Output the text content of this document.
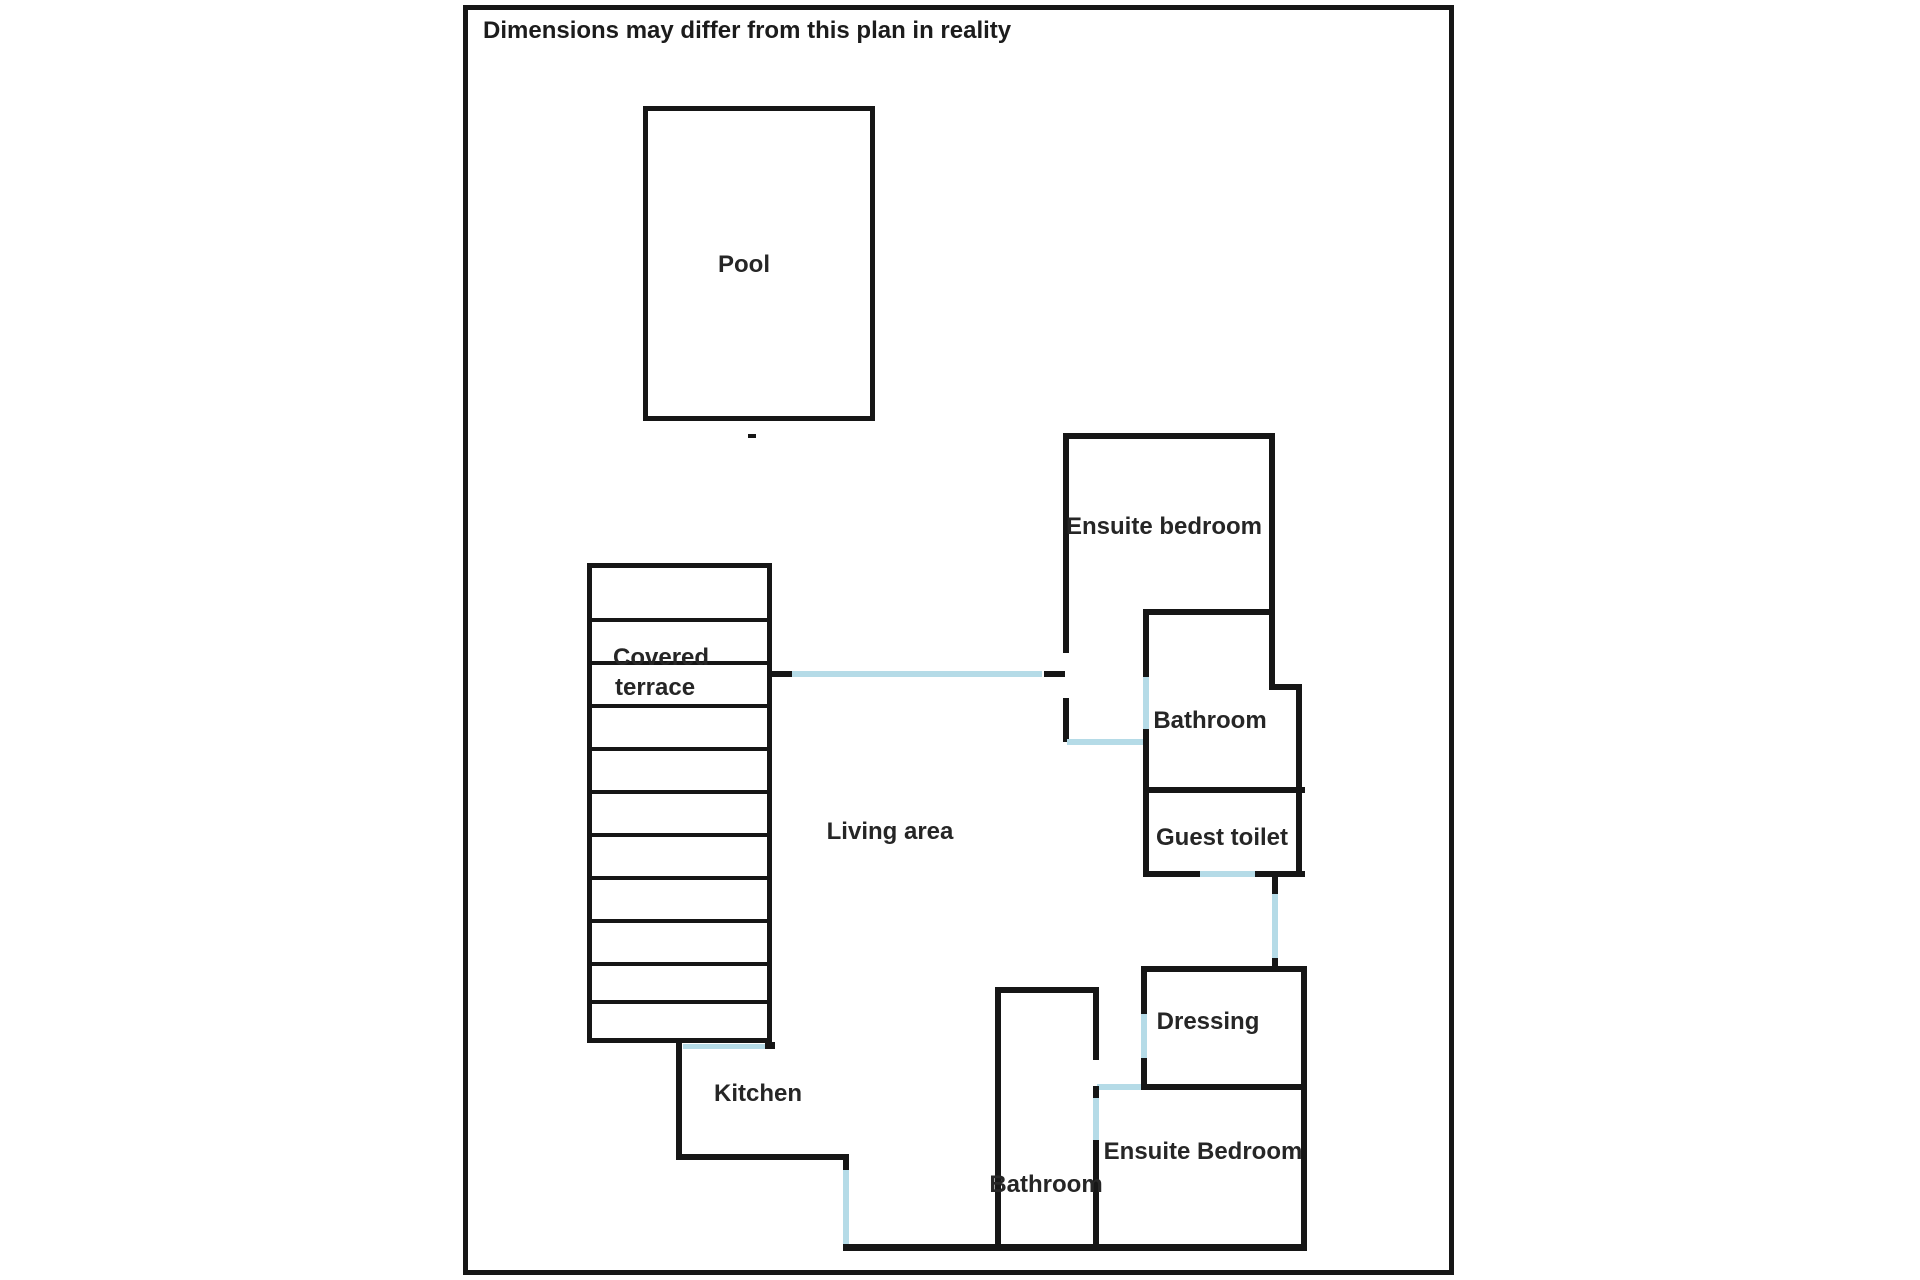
Dimensions may differ from this plan in reality
Pool
Covered
terrace
Living area
Ensuite bedroom
Bathroom
Guest toilet
Dressing
Ensuite Bedroom
Bathroom
Kitchen
